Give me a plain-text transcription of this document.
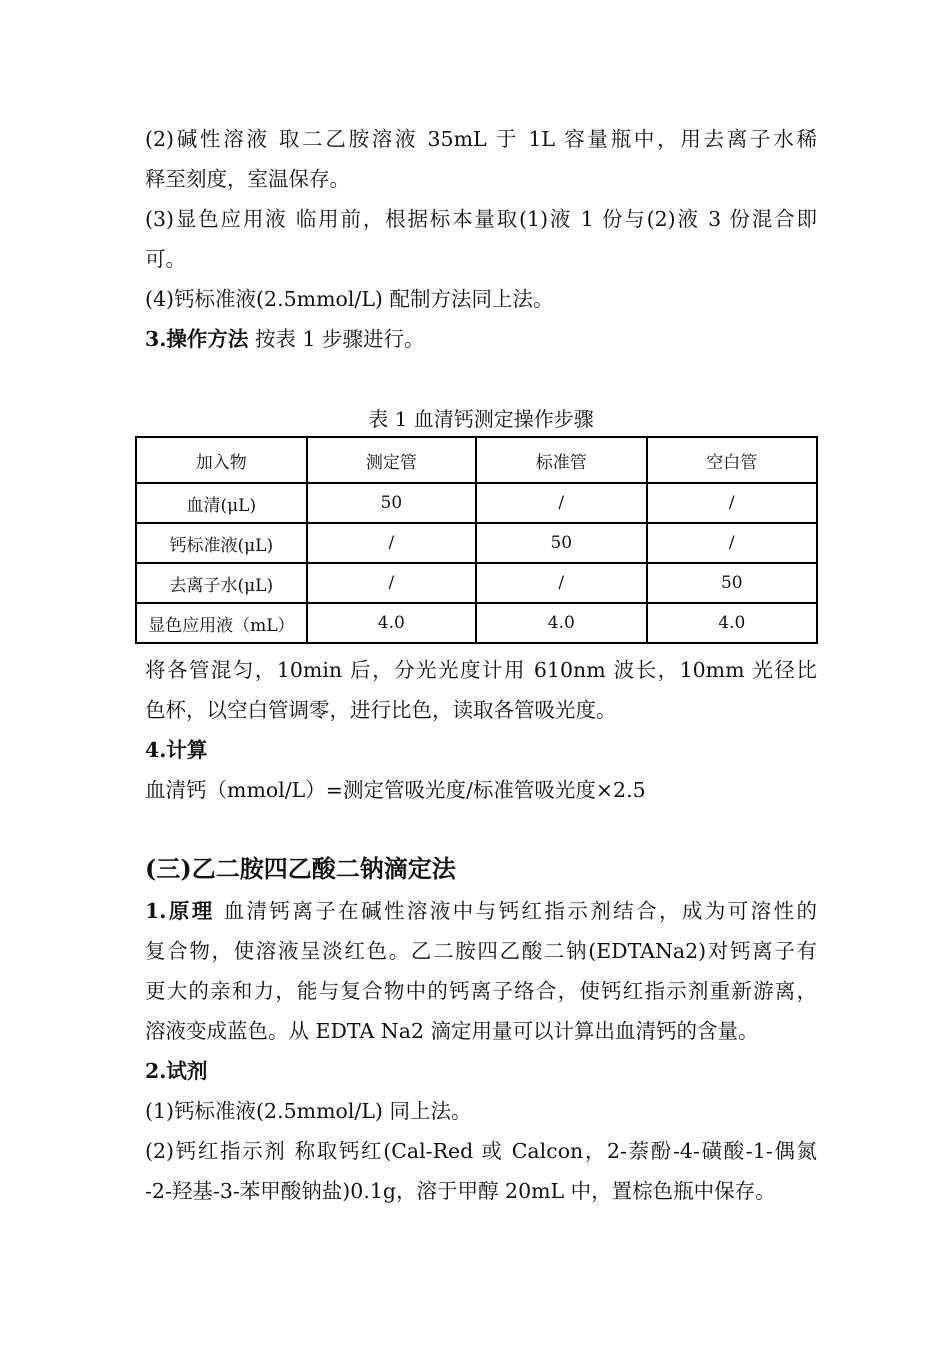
(2)碱性溶液 取二乙胺溶液 35mL 于 1L 容量瓶中，用去离子水稀
释至刻度，室温保存。
(3)显色应用液 临用前，根据标本量取(1)液 1 份与(2)液 3 份混合即
可。
(4)钙标准液(2.5mmol/L) 配制方法同上法。
3.操作方法 按表 1 步骤进行。
表 1 血清钙测定操作步骤
加入物	测定管	标准管	空白管
血清(μL)	50	/	/
钙标准液(μL)	/	50	/
去离子水(μL)	/	/	50
显色应用液（mL）	4.0	4.0	4.0
将各管混匀，10min 后，分光光度计用 610nm 波长，10mm 光径比
色杯，以空白管调零，进行比色，读取各管吸光度。
4.计算
血清钙（mmol/L）=测定管吸光度/标准管吸光度×2.5
(三)乙二胺四乙酸二钠滴定法
1.原理 血清钙离子在碱性溶液中与钙红指示剂结合，成为可溶性的
复合物，使溶液呈淡红色。乙二胺四乙酸二钠(EDTANa2)对钙离子有
更大的亲和力，能与复合物中的钙离子络合，使钙红指示剂重新游离，
溶液变成蓝色。从 EDTA Na2 滴定用量可以计算出血清钙的含量。
2.试剂
(1)钙标准液(2.5mmol/L) 同上法。
(2)钙红指示剂 称取钙红(Cal-Red 或 Calcon，2-萘酚-4-磺酸-1-偶氮
-2-羟基-3-苯甲酸钠盐)0.1g，溶于甲醇 20mL 中，置棕色瓶中保存。
